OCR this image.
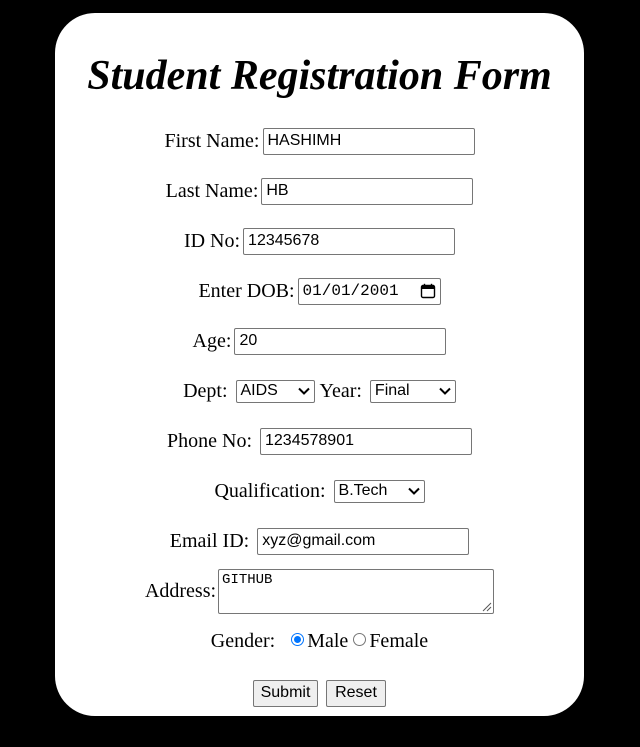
Student Registration Form
First Name: HASHIMH
Last Name: HB
ID No: 12345678
Enter DOB: 01/01/2001
Age: 20
Dept: AIDS Year: Final
Phone No: 1234578901
Qualification: B.Tech
Email ID: xyz@gmail.com
Address: GITHUB
Gender: Male Female
Submit	Reset
